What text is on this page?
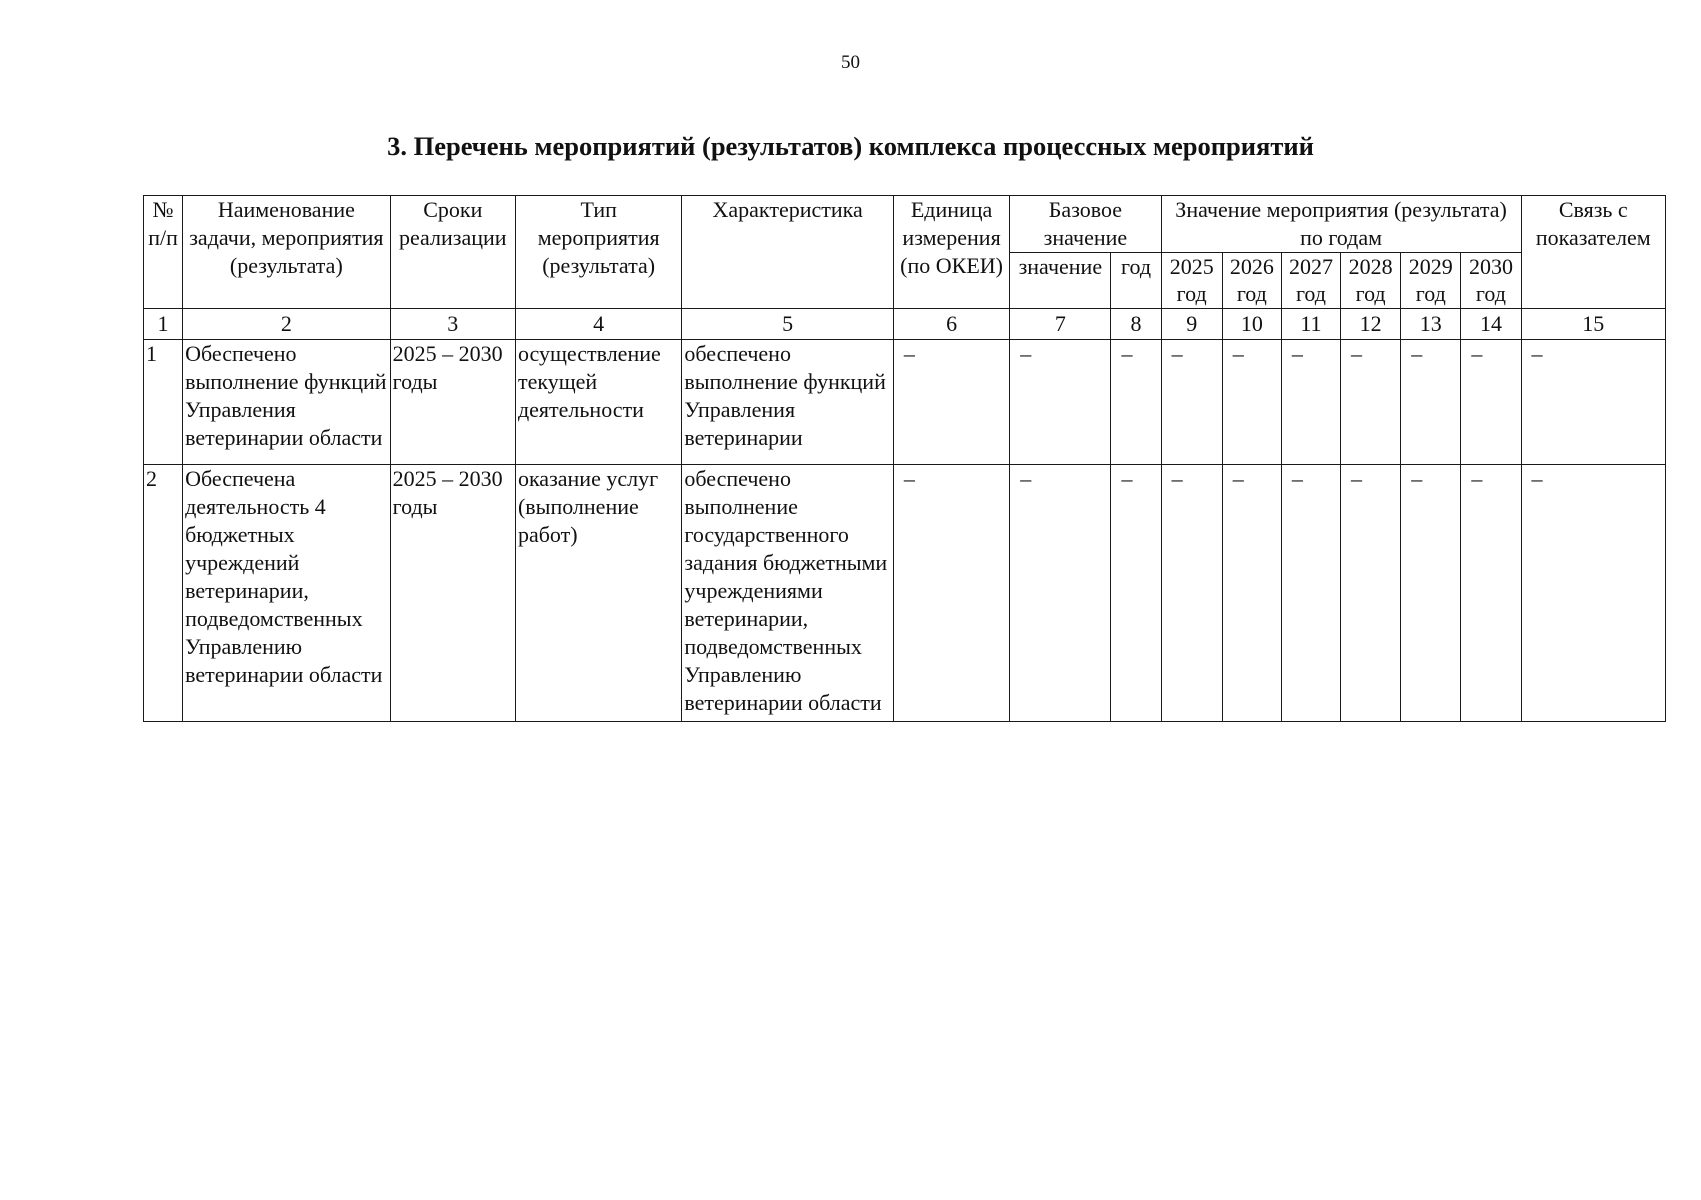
50
3. Перечень мероприятий (результатов) комплекса процессных мероприятий
№ п/п	Наименование задачи, мероприятия (результата)	Сроки реализации	Тип мероприятия (результата)	Характеристика	Единица измерения (по ОКЕИ)	Базовое значение		Значение мероприятия (результата) по годам						Связь с показателем
						значение	год	2025 год	2026 год	2027 год	2028 год	2029 год	2030 год	
1	2	3	4	5	6	7	8	9	10	11	12	13	14	15
1	Обеспечено выполнение функций Управления ветеринарии области	2025 – 2030 годы	осуществление текущей деятельности	обеспечено выполнение функций Управления ветеринарии	–	–	–	–	–	–	–	–	–	–
2	Обеспечена деятельность 4 бюджетных учреждений ветеринарии, подведомственных Управлению ветеринарии области	2025 – 2030 годы	оказание услуг (выполнение работ)	обеспечено выполнение государственного задания бюджетными учреждениями ветеринарии, подведомственных Управлению ветеринарии области	–	–	–	–	–	–	–	–	–	–
